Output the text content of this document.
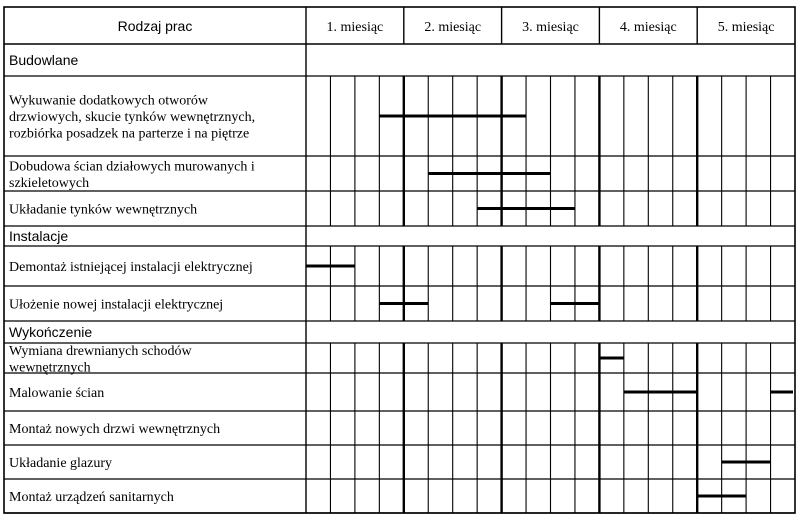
Rodzaj prac	1. miesiąc	2. miesiąc	3. miesiąc	4. miesiąc	5. miesiąc
Budowlane
Wykuwanie dodatkowych otworów
drzwiowych, skucie tynków wewnętrznych,
rozbiórka posadzek na parterze i na piętrze
Dobudowa ścian działowych murowanych i
szkieletowych
Układanie tynków wewnętrznych
Instalacje
Demontaż istniejącej instalacji elektrycznej
Ułożenie nowej instalacji elektrycznej
Wykończenie
Wymiana drewnianych schodów
wewnętrznych
Malowanie ścian
Montaż nowych drzwi wewnętrznych
Układanie glazury
Montaż urządzeń sanitarnych
